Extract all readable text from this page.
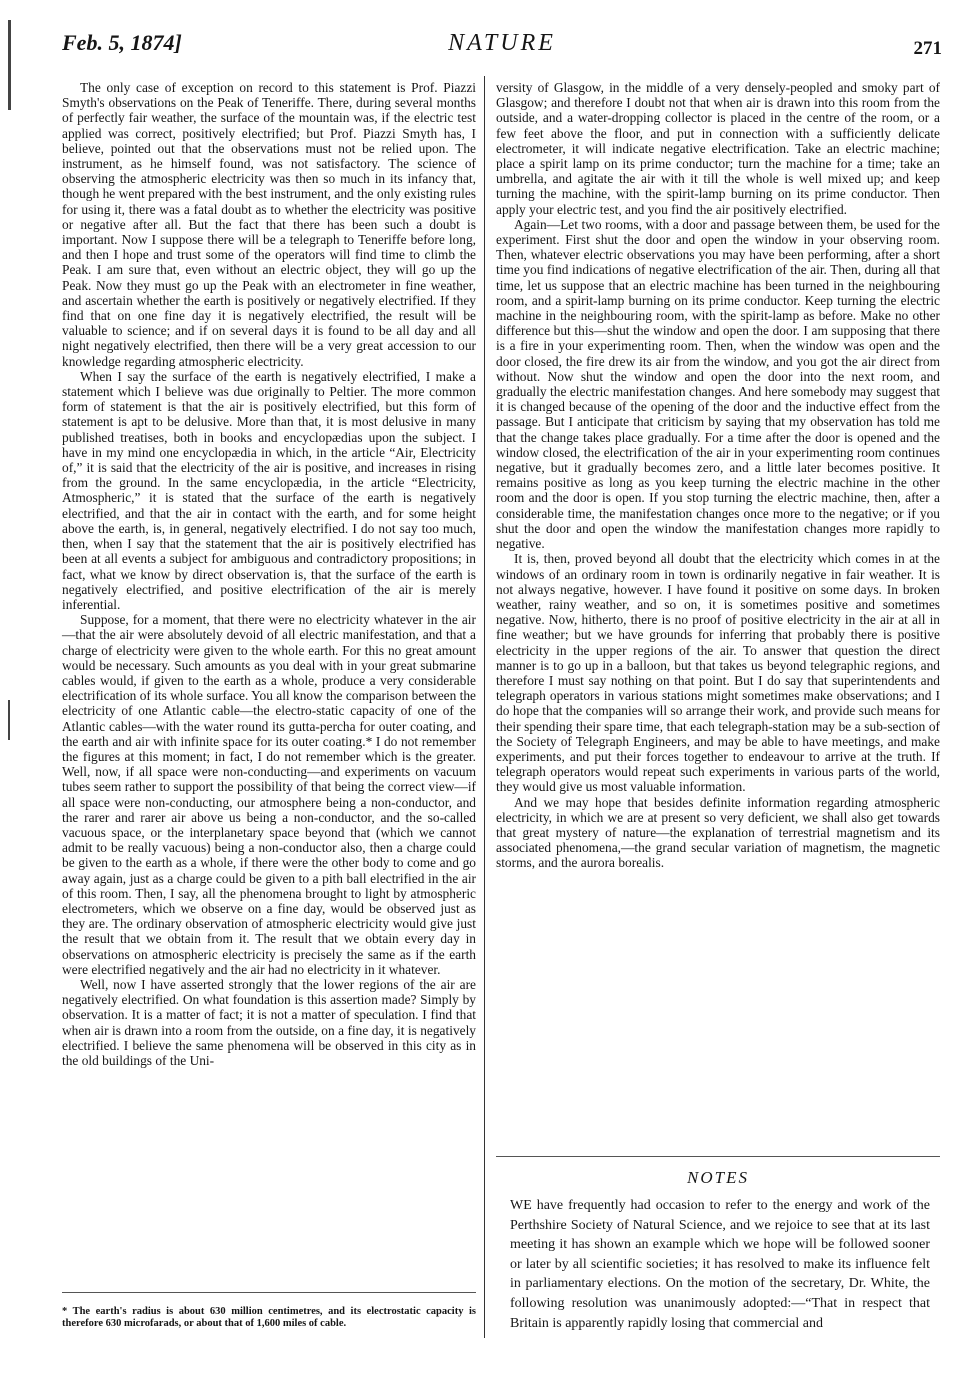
Feb. 5, 1874]	NATURE	271

The only case of exception on record to this statement is Prof. Piazzi Smyth's observations on the Peak of Teneriffe. There, during several months of perfectly fair weather, the surface of the mountain was, if the electric test applied was correct, positively electrified; but Prof. Piazzi Smyth has, I believe, pointed out that the observations must not be relied upon. The instrument, as he himself found, was not satisfactory. The science of observing the atmospheric electricity was then so much in its infancy that, though he went prepared with the best instrument, and the only existing rules for using it, there was a fatal doubt as to whether the electricity was positive or negative after all. But the fact that there has been such a doubt is important. Now I suppose there will be a telegraph to Teneriffe before long, and then I hope and trust some of the operators will find time to climb the Peak. I am sure that, even without an electric object, they will go up the Peak. Now they must go up the Peak with an electrometer in fine weather, and ascertain whether the earth is positively or negatively electrified. If they find that on one fine day it is negatively electrified, the result will be valuable to science; and if on several days it is found to be all day and all night negatively electrified, then there will be a very great accession to our knowledge regarding atmospheric electricity.

When I say the surface of the earth is negatively electrified, I make a statement which I believe was due originally to Peltier. The more common form of statement is that the air is positively electrified, but this form of statement is apt to be delusive. More than that, it is most delusive in many published treatises, both in books and encyclopædias upon the subject. I have in my mind one encyclopædia in which, in the article “Air, Electricity of,” it is said that the electricity of the air is positive, and increases in rising from the ground. In the same encyclopædia, in the article “Electricity, Atmospheric,” it is stated that the surface of the earth is negatively electrified, and that the air in contact with the earth, and for some height above the earth, is, in general, negatively electrified. I do not say too much, then, when I say that the statement that the air is positively electrified has been at all events a subject for ambiguous and contradictory propositions; in fact, what we know by direct observation is, that the surface of the earth is negatively electrified, and positive electrification of the air is merely inferential.

Suppose, for a moment, that there were no electricity whatever in the air—that the air were absolutely devoid of all electric manifestation, and that a charge of electricity were given to the whole earth. For this no great amount would be necessary. Such amounts as you deal with in your great submarine cables would, if given to the earth as a whole, produce a very considerable electrification of its whole surface. You all know the comparison between the electricity of one Atlantic cable—the electro-static capacity of one of the Atlantic cables—with the water round its gutta-percha for outer coating, and the earth and air with infinite space for its outer coating.* I do not remember the figures at this moment; in fact, I do not remember which is the greater. Well, now, if all space were non-conducting—and experiments on vacuum tubes seem rather to support the possibility of that being the correct view—if all space were non-conducting, our atmosphere being a non-conductor, and the rarer and rarer air above us being a non-conductor, and the so-called vacuous space, or the interplanetary space beyond that (which we cannot admit to be really vacuous) being a non-conductor also, then a charge could be given to the earth as a whole, if there were the other body to come and go away again, just as a charge could be given to a pith ball electrified in the air of this room. Then, I say, all the phenomena brought to light by atmospheric electrometers, which we observe on a fine day, would be observed just as they are. The ordinary observation of atmospheric electricity would give just the result that we obtain from it. The result that we obtain every day in observations on atmospheric electricity is precisely the same as if the earth were electrified negatively and the air had no electricity in it whatever.

Well, now I have asserted strongly that the lower regions of the air are negatively electrified. On what foundation is this assertion made? Simply by observation. It is a matter of fact; it is not a matter of speculation. I find that when air is drawn into a room from the outside, on a fine day, it is negatively electrified. I believe the same phenomena will be observed in this city as in the old buildings of the Uni-

* The earth's radius is about 630 million centimetres, and its electrostatic capacity is therefore 630 microfarads, or about that of 1,600 miles of cable.

versity of Glasgow, in the middle of a very densely-peopled and smoky part of Glasgow; and therefore I doubt not that when air is drawn into this room from the outside, and a water-dropping collector is placed in the centre of the room, or a few feet above the floor, and put in connection with a sufficiently delicate electrometer, it will indicate negative electrification. Take an electric machine; place a spirit lamp on its prime conductor; turn the machine for a time; take an umbrella, and agitate the air with it till the whole is well mixed up; and keep turning the machine, with the spirit-lamp burning on its prime conductor. Then apply your electric test, and you find the air positively electrified.

Again—Let two rooms, with a door and passage between them, be used for the experiment. First shut the door and open the window in your observing room. Then, whatever electric observations you may have been performing, after a short time you find indications of negative electrification of the air. Then, during all that time, let us suppose that an electric machine has been turned in the neighbouring room, and a spirit-lamp burning on its prime conductor. Keep turning the electric machine in the neighbouring room, with the spirit-lamp as before. Make no other difference but this—shut the window and open the door. I am supposing that there is a fire in your experimenting room. Then, when the window was open and the door closed, the fire drew its air from the window, and you got the air direct from without. Now shut the window and open the door into the next room, and gradually the electric manifestation changes. And here somebody may suggest that it is changed because of the opening of the door and the inductive effect from the passage. But I anticipate that criticism by saying that my observation has told me that the change takes place gradually. For a time after the door is opened and the window closed, the electrification of the air in your experimenting room continues negative, but it gradually becomes zero, and a little later becomes positive. It remains positive as long as you keep turning the electric machine in the other room and the door is open. If you stop turning the electric machine, then, after a considerable time, the manifestation changes once more to the negative; or if you shut the door and open the window the manifestation changes more rapidly to negative.

It is, then, proved beyond all doubt that the electricity which comes in at the windows of an ordinary room in town is ordinarily negative in fair weather. It is not always negative, however. I have found it positive on some days. In broken weather, rainy weather, and so on, it is sometimes positive and sometimes negative. Now, hitherto, there is no proof of positive electricity in the air at all in fine weather; but we have grounds for inferring that probably there is positive electricity in the upper regions of the air. To answer that question the direct manner is to go up in a balloon, but that takes us beyond telegraphic regions, and therefore I must say nothing on that point. But I do say that superintendents and telegraph operators in various stations might sometimes make observations; and I do hope that the companies will so arrange their work, and provide such means for their spending their spare time, that each telegraph-station may be a sub-section of the Society of Telegraph Engineers, and may be able to have meetings, and make experiments, and put their forces together to endeavour to arrive at the truth. If telegraph operators would repeat such experiments in various parts of the world, they would give us most valuable information.

And we may hope that besides definite information regarding atmospheric electricity, in which we are at present so very deficient, we shall also get towards that great mystery of nature—the explanation of terrestrial magnetism and its associated phenomena,—the grand secular variation of magnetism, the magnetic storms, and the aurora borealis.

NOTES

WE have frequently had occasion to refer to the energy and work of the Perthshire Society of Natural Science, and we rejoice to see that at its last meeting it has shown an example which we hope will be followed sooner or later by all scientific societies; it has resolved to make its influence felt in parliamentary elections. On the motion of the secretary, Dr. White, the following resolution was unanimously adopted:—“That in respect that Britain is apparently rapidly losing that commercial and
